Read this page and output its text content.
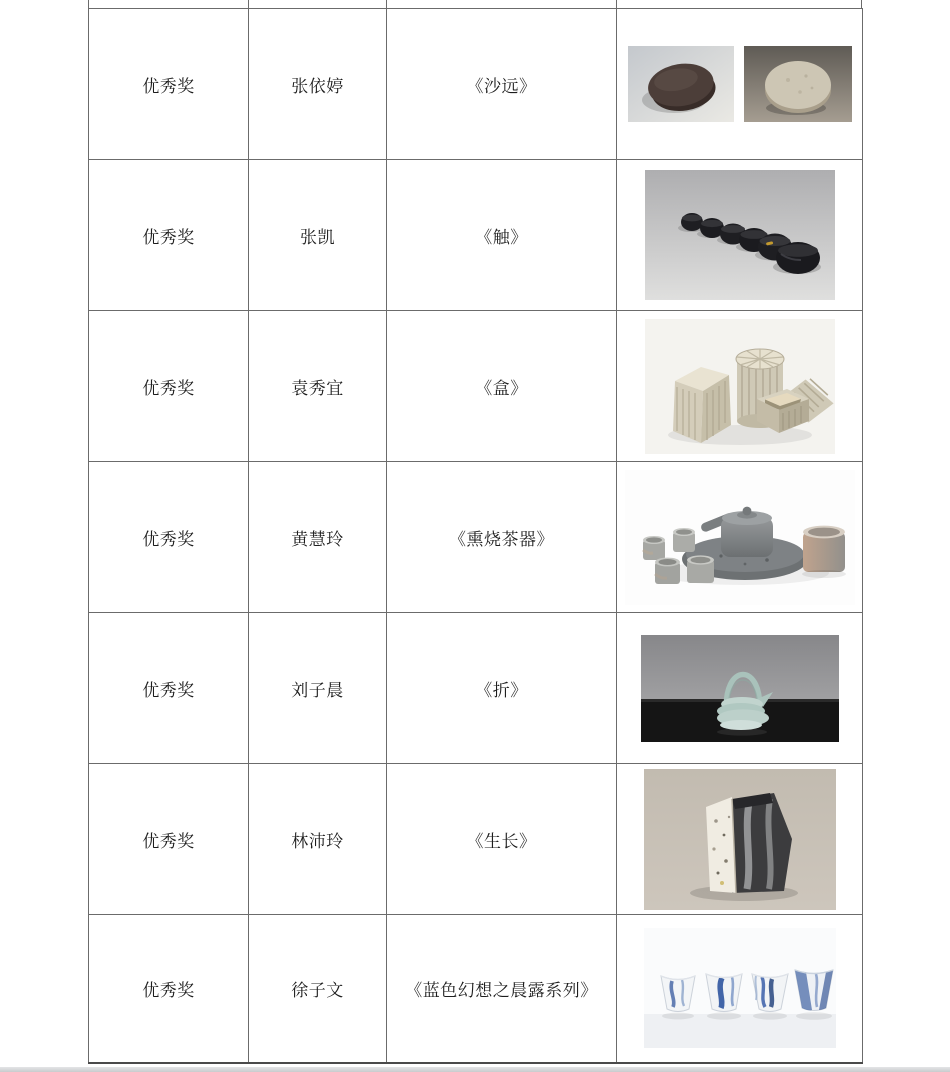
优秀奖	张依婷	《沙远》	

优秀奖	张凯	《触》	

优秀奖	袁秀宜	《盒》	

优秀奖	黄慧玲	《熏烧茶器》	

优秀奖	刘子晨	《折》	

优秀奖	林沛玲	《生长》	

优秀奖	徐子文	《蓝色幻想之晨露系列》	
